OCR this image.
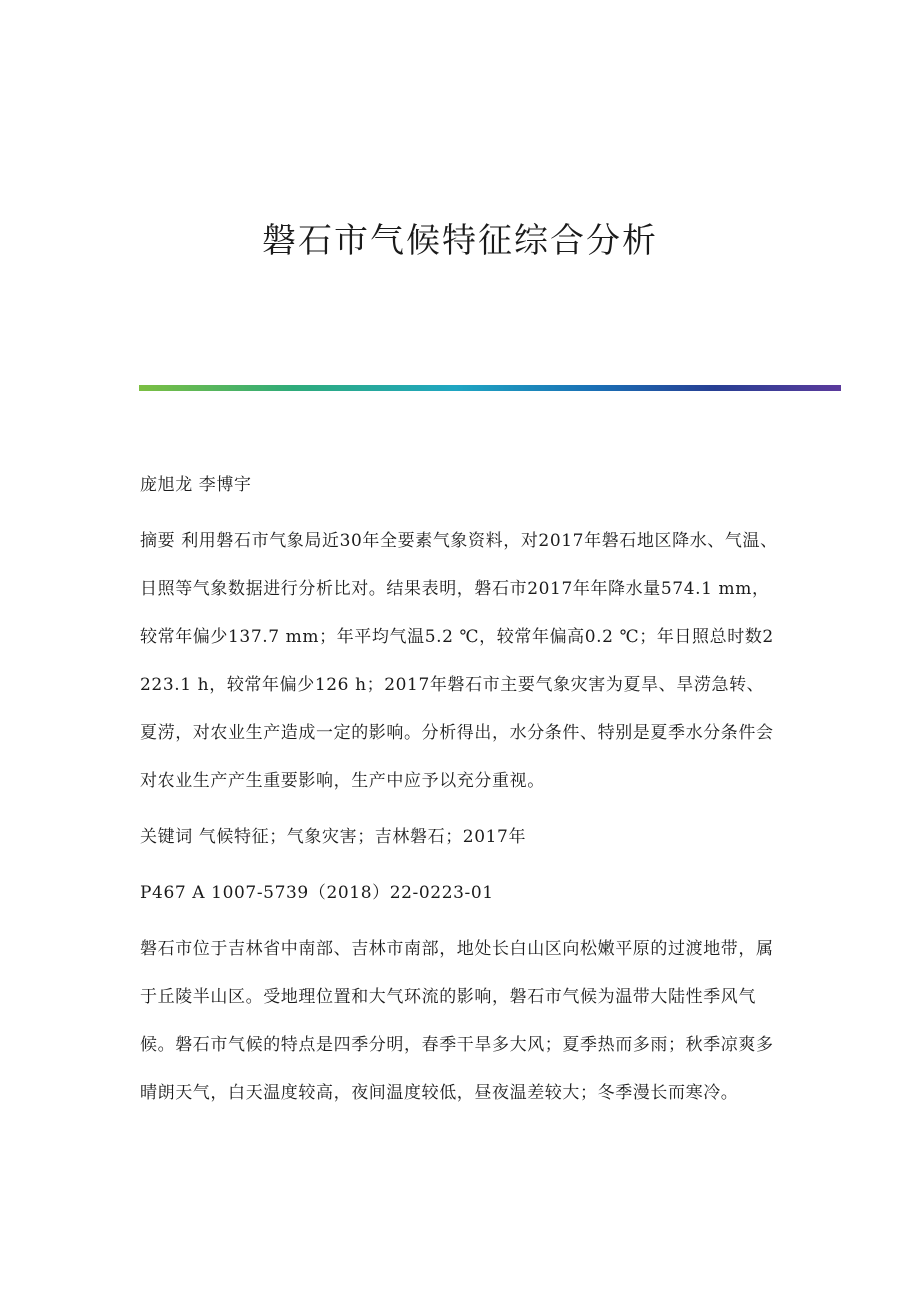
磐石市气候特征综合分析

庞旭龙 李博宇

摘要 利用磐石市气象局近30年全要素气象资料，对2017年磐石地区降水、气温、日照等气象数据进行分析比对。结果表明，磐石市2017年年降水量574.1 mm，较常年偏少137.7 mm；年平均气温5.2 ℃，较常年偏高0.2 ℃；年日照总时数2 223.1 h，较常年偏少126 h；2017年磐石市主要气象灾害为夏旱、旱涝急转、夏涝，对农业生产造成一定的影响。分析得出，水分条件、特别是夏季水分条件会对农业生产产生重要影响，生产中应予以充分重视。

关键词 气候特征；气象灾害；吉林磐石；2017年

P467 A 1007-5739（2018）22-0223-01

磐石市位于吉林省中南部、吉林市南部，地处长白山区向松嫩平原的过渡地带，属于丘陵半山区。受地理位置和大气环流的影响，磐石市气候为温带大陆性季风气候。磐石市气候的特点是四季分明，春季干旱多大风；夏季热而多雨；秋季凉爽多晴朗天气，白天温度较高，夜间温度较低，昼夜温差较大；冬季漫长而寒冷。
